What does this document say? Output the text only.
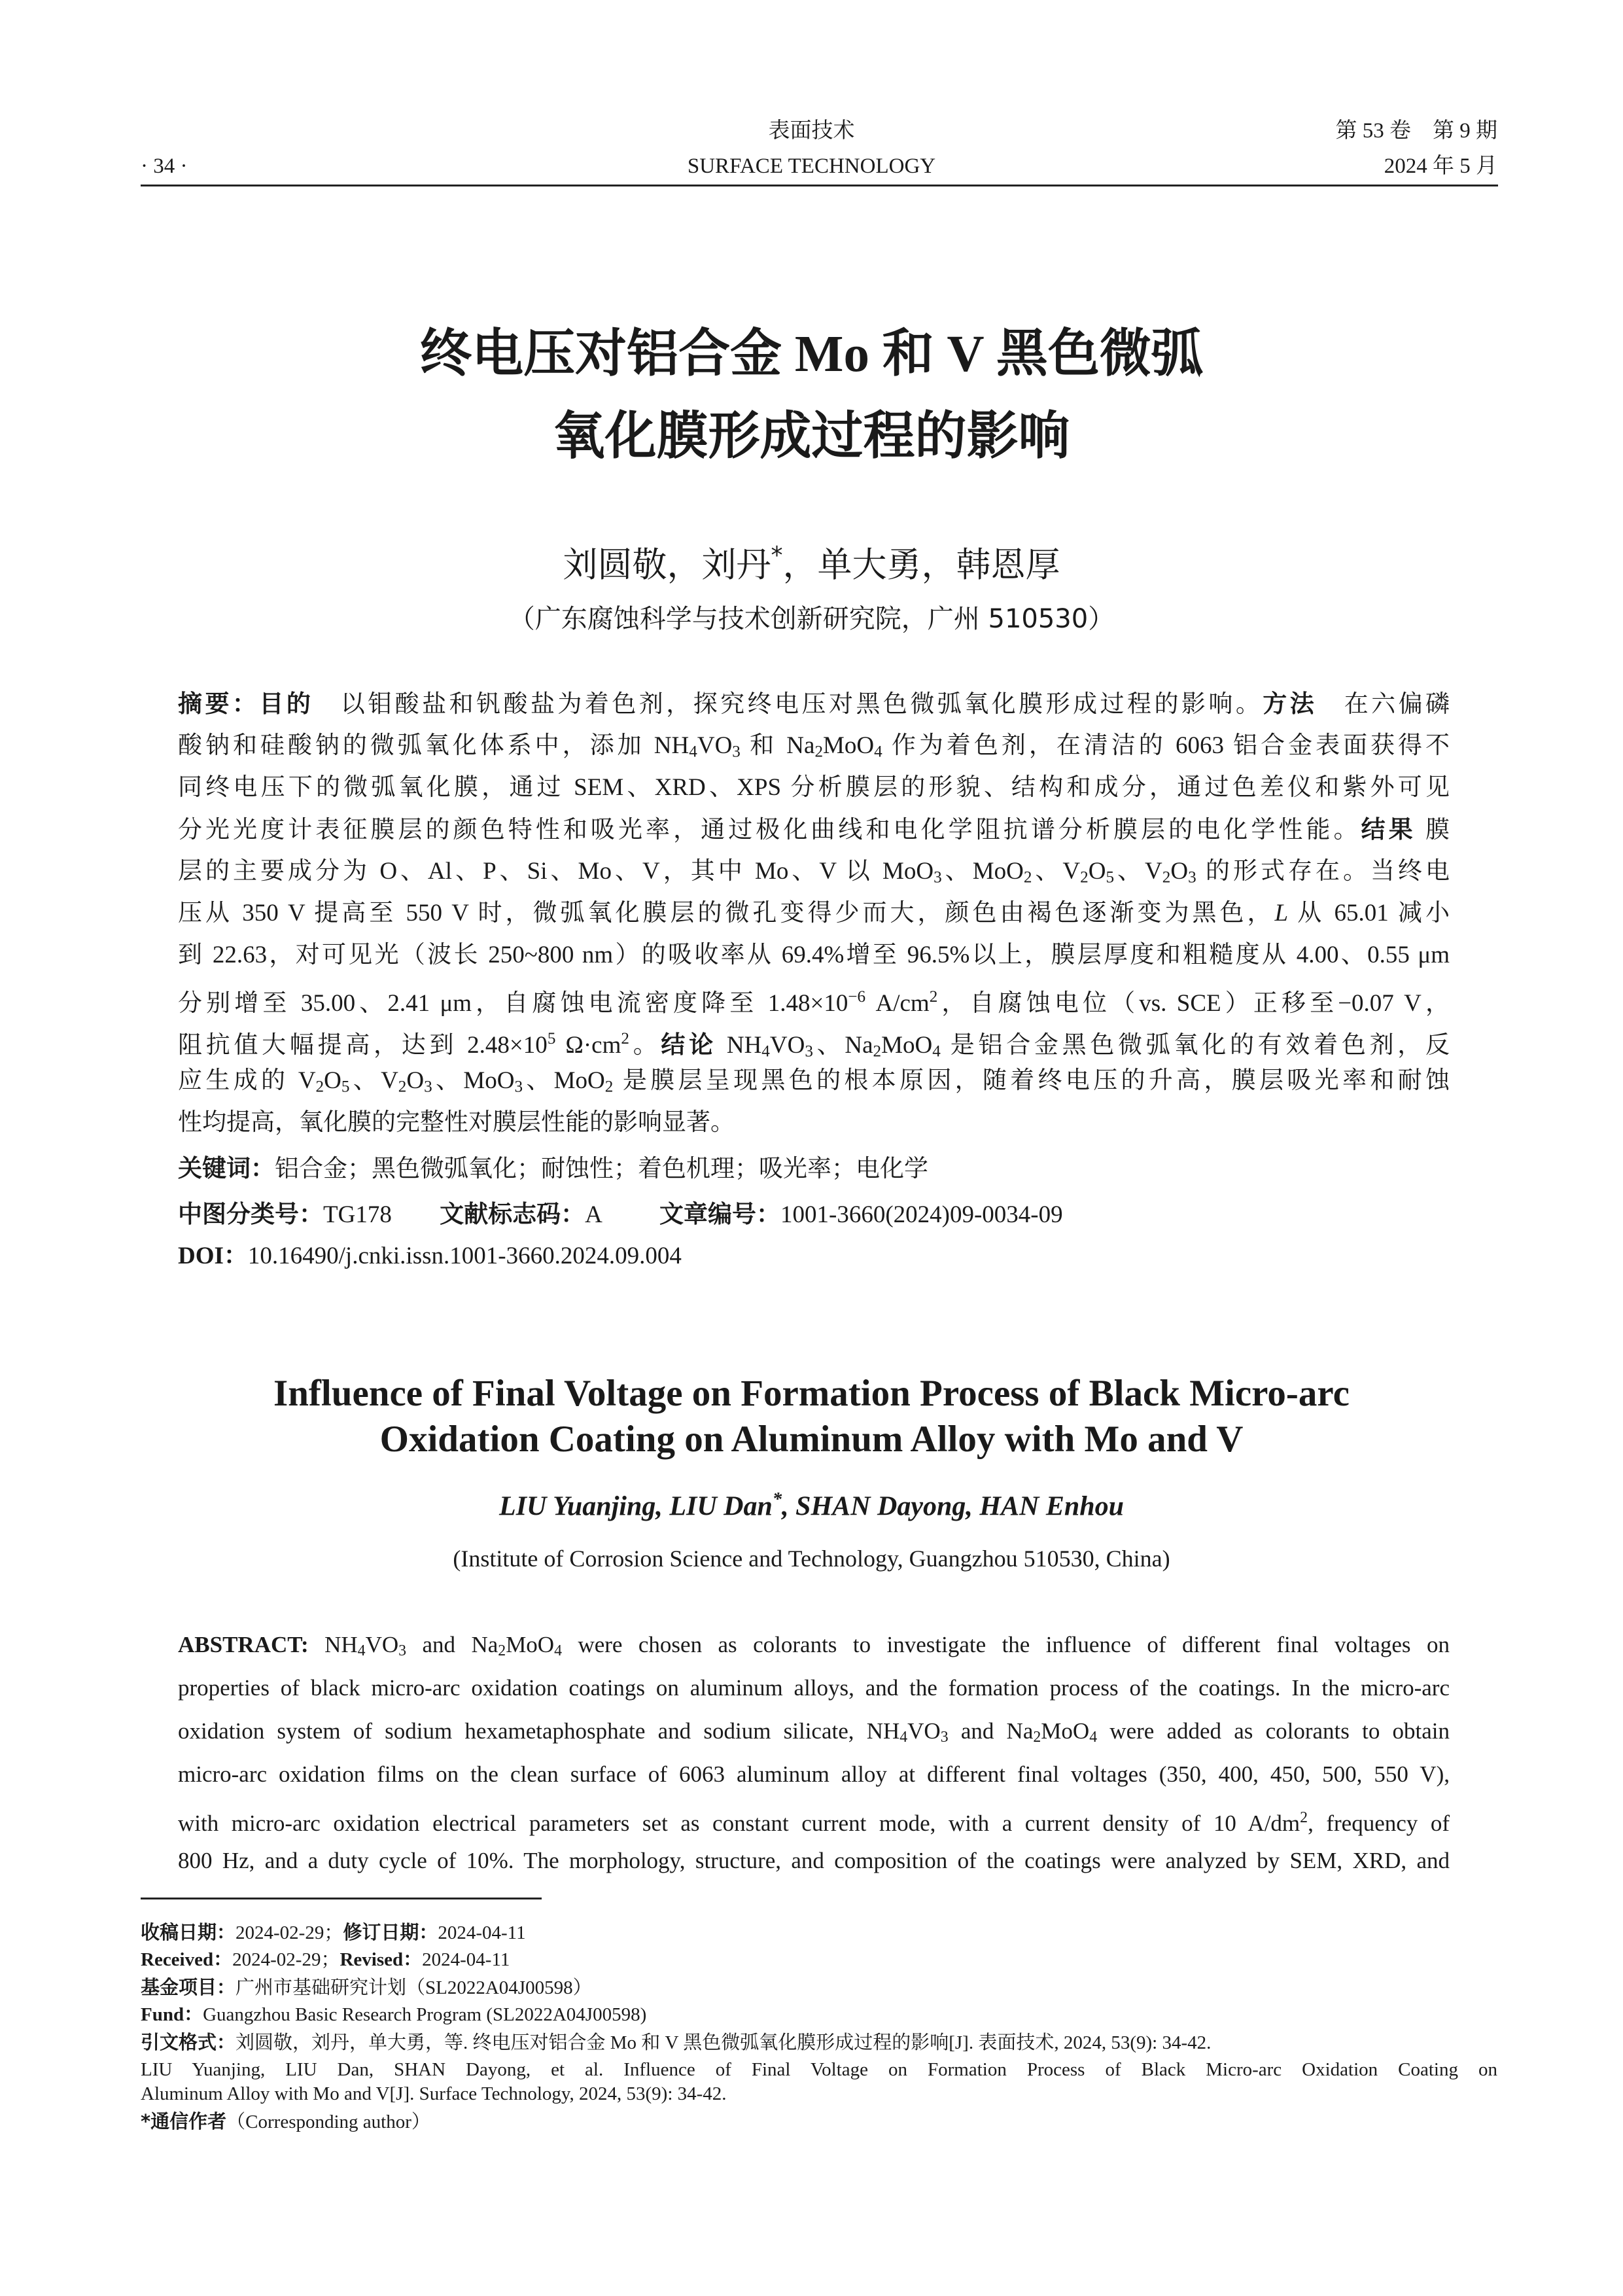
· 34 ·
表面技术
SURFACE TECHNOLOGY
第 53 卷　第 9 期
2024 年 5 月
终电压对铝合金 Mo 和 V 黑色微弧
氧化膜形成过程的影响
刘圆敬，刘丹*，单大勇，韩恩厚
（广东腐蚀科学与技术创新研究院，广州 510530）
摘要：目的　 以钼酸盐和钒酸盐为着色剂，探究终电压对黑色微弧氧化膜形成过程的影响。方法　 在六偏磷
酸钠和硅酸钠的微弧氧化体系中，添加 $NH_4VO_3$ 和 $Na_2MoO_4$ 作为着色剂，在清洁的 6063 铝合金表面获得不
同终电压下的微弧氧化膜，通过 SEM、XRD、XPS 分析膜层的形貌、结构和成分，通过色差仪和紫外可见
分光光度计表征膜层的颜色特性和吸光率，通过极化曲线和电化学阻抗谱分析膜层的电化学性能。结果 膜
层的主要成分为 O、Al、P、Si、Mo、V，其中 Mo、V 以 MoO$_3$、MoO$_2$、$V_2O_5$、$V_2O_3$ 的形式存在。当终电
压从 350 V 提高至 550 V 时，微弧氧化膜层的微孔变得少而大，颜色由褐色逐渐变为黑色，L 从 65.01 减小
到 22.63，对可见光（波长 250~800 nm）的吸收率从 69.4%增至 96.5%以上，膜层厚度和粗糙度从 4.00、0.55 μm
分别增至 35.00、2.41 μm，自腐蚀电流密度降至 $1.48\times 10^{-6}$ $A/cm^2$，自腐蚀电位（vs. SCE）正移至−0.07 V，
阻抗值大幅提高，达到 $2.48\times 10^5$ $\Omega\cdot cm^2$。结论 $NH_4VO_3$、$Na_2MoO_4$ 是铝合金黑色微弧氧化的有效着色剂，反
应生成的 $V_2O_5$、$V_2O_3$、MoO$_3$、MoO$_2$ 是膜层呈现黑色的根本原因，随着终电压的升高，膜层吸光率和耐蚀
性均提高，氧化膜的完整性对膜层性能的影响显著。
关键词：铝合金；黑色微弧氧化；耐蚀性；着色机理；吸光率；电化学
中图分类号：TG178 文献标志码：A 文章编号：1001-3660(2024)09-0034-09
DOI：10.16490/j.cnki.issn.1001-3660.2024.09.004
Influence of Final Voltage on Formation Process of Black Micro-arc
Oxidation Coating on Aluminum Alloy with Mo and V
LIU Yuanjing, LIU Dan*, SHAN Dayong, HAN Enhou
(Institute of Corrosion Science and Technology, Guangzhou 510530, China)
ABSTRACT: $NH_4VO_3$ and $Na_2MoO_4$ were chosen as colorants to investigate the influence of different final voltages on
properties of black micro-arc oxidation coatings on aluminum alloys, and the formation process of the coatings. In the micro-arc
oxidation system of sodium hexametaphosphate and sodium silicate, $NH_4VO_3$ and $Na_2MoO_4$ were added as colorants to obtain
micro-arc oxidation films on the clean surface of 6063 aluminum alloy at different final voltages (350, 400, 450, 500, 550 V),
with micro-arc oxidation electrical parameters set as constant current mode, with a current density of 10 $A/dm^2$, frequency of
800 Hz, and a duty cycle of 10%. The morphology, structure, and composition of the coatings were analyzed by SEM, XRD, and
收稿日期：2024-02-29；修订日期：2024-04-11
Received：2024-02-29；Revised：2024-04-11
基金项目：广州市基础研究计划（SL2022A04J00598）
Fund：Guangzhou Basic Research Program (SL2022A04J00598)
引文格式：刘圆敬，刘丹，单大勇，等. 终电压对铝合金 Mo 和 V 黑色微弧氧化膜形成过程的影响[J]. 表面技术, 2024, 53(9): 34-42.
LIU Yuanjing, LIU Dan, SHAN Dayong, et al. Influence of Final Voltage on Formation Process of Black Micro-arc Oxidation Coating on
Aluminum Alloy with Mo and V[J]. Surface Technology, 2024, 53(9): 34-42.
*通信作者（Corresponding author）
